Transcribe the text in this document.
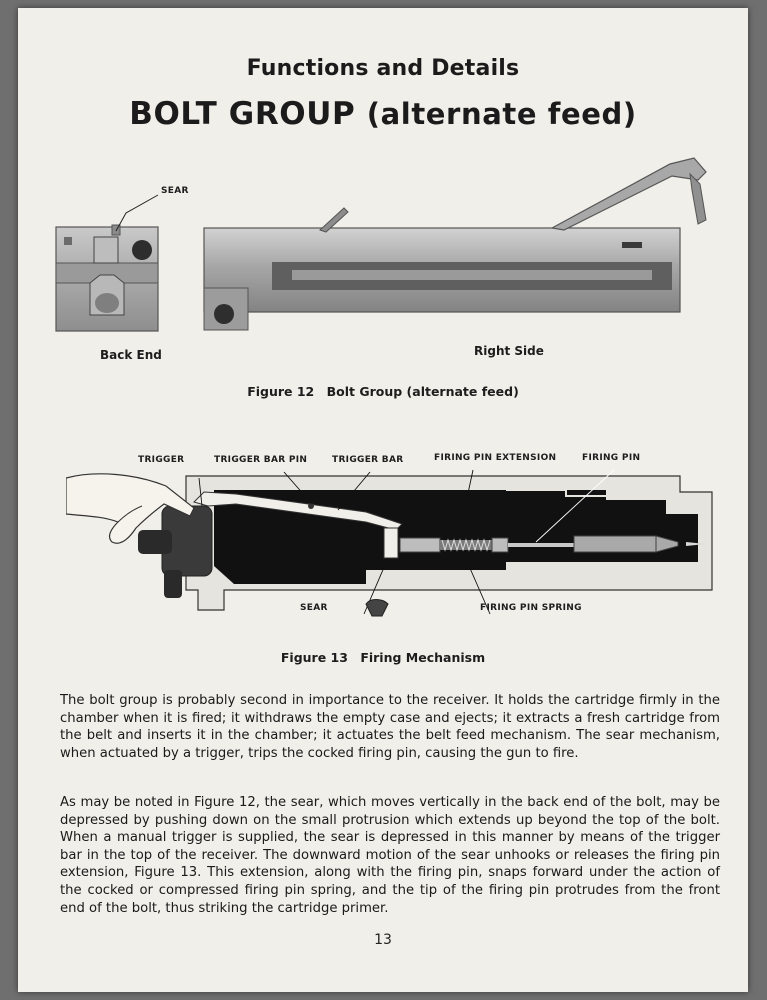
Functions and Details
BOLT GROUP (alternate feed)
SEAR
Back End	Right Side
Figure 12 Bolt Group (alternate feed)
TRIGGER	TRIGGER BAR PIN	TRIGGER BAR	FIRING PIN EXTENSION	FIRING PIN
SEAR	FIRING PIN SPRING
Figure 13 Firing Mechanism

The bolt group is probably second in importance to the receiver. It holds the cartridge firmly in the chamber when it is fired; it withdraws the empty case and ejects; it extracts a fresh cartridge from the belt and inserts it in the chamber; it actuates the belt feed mechanism. The sear mechanism, when actuated by a trigger, trips the cocked firing pin, causing the gun to fire.

As may be noted in Figure 12, the sear, which moves vertically in the back end of the bolt, may be depressed by pushing down on the small protrusion which extends up beyond the top of the bolt. When a manual trigger is supplied, the sear is depressed in this manner by means of the trigger bar in the top of the receiver. The downward motion of the sear unhooks or releases the firing pin extension, Figure 13. This extension, along with the firing pin, snaps forward under the action of the cocked or compressed firing pin spring, and the tip of the firing pin protrudes from the front end of the bolt, thus striking the cartridge primer.

13
